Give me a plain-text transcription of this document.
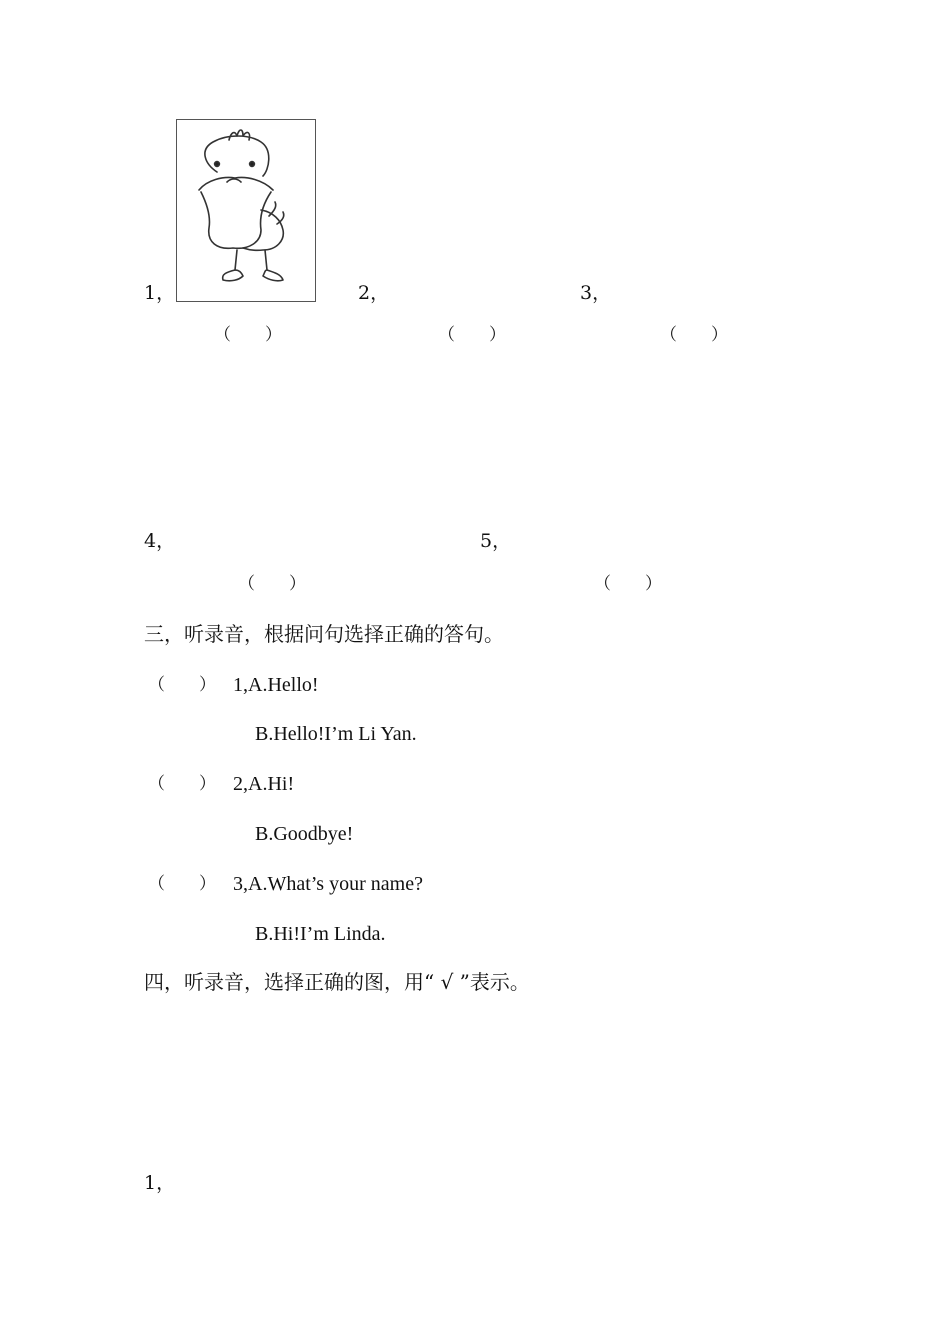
1，	2，	3，
（　　）	（　　）	（　　）
4，	5，
（　　）	（　　）
三，听录音，根据问句选择正确的答句。
（　　） 1,A.Hello!
B.Hello!I’m Li Yan.
（　　） 2,A.Hi!
B.Goodbye!
（　　） 3,A.What’s your name?
B.Hi!I’m Linda.
四，听录音，选择正确的图，用“ √ ”表示。
1，
